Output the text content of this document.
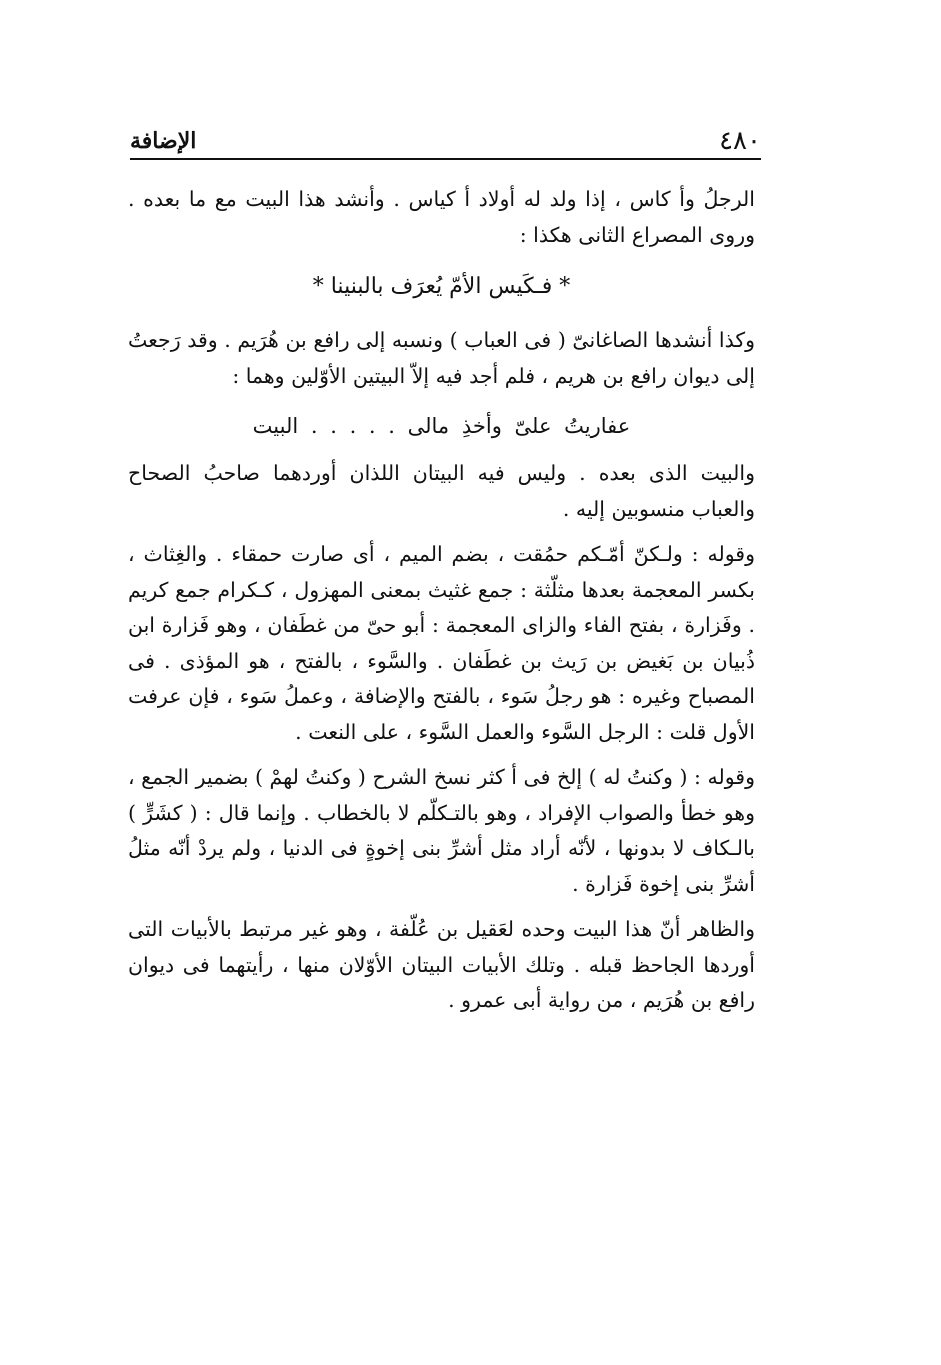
٤٨٠
الإضافة

الرجلُ وأ كاس ، إذا ولد له أولاد أ كياس . وأنشد هذا البيت مع ما بعده . وروى المصراع الثانى هكذا :

* فـكَيس الأمّ يُعرَف بالبنينا *

وكذا أنشدها الصاغانىّ ( فى العباب ) ونسبه إلى رافع بن هُرَيم . وقد رَجعتُ إلى ديوان رافع بن هريم ، فلم أجد فيه إلاّ البيتين الأوّلين وهما :

عفاريتُ علىّ وأخذِ مالى . . . . . البيت

والبيت الذى بعده . وليس فيه البيتان اللذان أوردهما صاحبُ الصحاح والعباب منسوبين إليه .

وقوله : ولـكنّ أمّـكم حمُقت ، بضم الميم ، أى صارت حمقاء . والغِثاث ، بكسر المعجمة بعدها مثلّثة : جمع غثيث بمعنى المهزول ، كـكرام جمع كريم . وفَزارة ، بفتح الفاء والزاى المعجمة : أبو حىّ من غطَفان ، وهو فَزارة ابن ذُبيان بن بَغيض بن رَيث بن غطَفان . والسَّوء ، بالفتح ، هو المؤذى . فى المصباح وغيره : هو رجلُ سَوء ، بالفتح والإضافة ، وعملُ سَوء ، فإن عرفت الأول قلت : الرجل السَّوء والعمل السَّوء ، على النعت .

وقوله : ( وكنتُ له ) إلخ فى أ كثر نسخ الشرح ( وكنتُ لهمْ ) بضمير الجمع ، وهو خطأ والصواب الإفراد ، وهو بالتـكلّم لا بالخطاب . وإنما قال : ( كشَرٍّ ) بالـكاف لا بدونها ، لأنّه أراد مثل أشرِّ بنى إخوةٍ فى الدنيا ، ولم يردْ أنّه مثلُ أشرِّ بنى إخوة فَزارة .

والظاهر أنّ هذا البيت وحده لعَقيل بن عُلّفة ، وهو غير مرتبط بالأبيات التى أوردها الجاحظ قبله . وتلك الأبيات البيتان الأوّلان منها ، رأيتهما فى ديوان رافع بن هُرَيم ، من رواية أبى عمرو .
